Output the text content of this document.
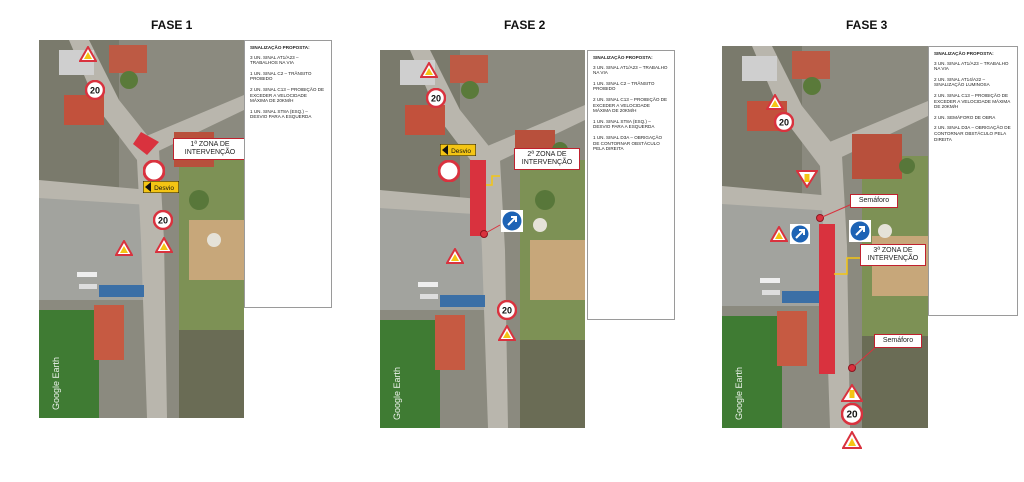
FASE 1
Google Earth
20
Desvio
20
1ª ZONA DE INTERVENÇÃO
SINALIZAÇÃO PROPOSTA:
3 UN. SINAL AT1/A23 – TRABALHOS NA VIA
1 UN. SINAL C2 – TRÂNSITO PROIBIDO
2 UN. SINAL C13 – PROIBIÇÃO DE EXCEDER A VELOCIDADE MÁXIMA DE 20KM/H
1 UN. SINAL ST8A (ESQ.) – DESVIO PARA A ESQUERDA
FASE 2
Google Earth
20
Desvio
20
2ª ZONA DE INTERVENÇÃO
SINALIZAÇÃO PROPOSTA:
3 UN. SINAL AT1/A23 – TRABALHO NA VIA
1 UN. SINAL C2 – TRÂNSITO PROIBIDO
2 UN. SINAL C13 – PROIBIÇÃO DE EXCEDER A VELOCIDADE MÁXIMA DE 20KM/H
1 UN. SINAL ST8A (ESQ.) – DESVIO PARA A ESQUERDA
1 UN. SINAL D3A – OBRIGAÇÃO DE CONTORNAR OBSTÁCULO PELA DIREITA
FASE 3
Google Earth
20
20
Semáforo
3ª ZONA DE INTERVENÇÃO
Semáforo
SINALIZAÇÃO PROPOSTA:
3 UN. SINAL AT1/A23 – TRABALHO NA VIA
2 UN. SINAL AT14/A22 – SINALIZAÇÃO LUMINOSA
2 UN. SINAL C13 – PROIBIÇÃO DE EXCEDER A VELOCIDADE MÁXIMA DE 20KM/H
2 UN. SEMÁFORO DE OBRA
2 UN. SINAL D3A – OBRIGAÇÃO DE CONTORNAR OBSTÁCULO PELA DIREITA
